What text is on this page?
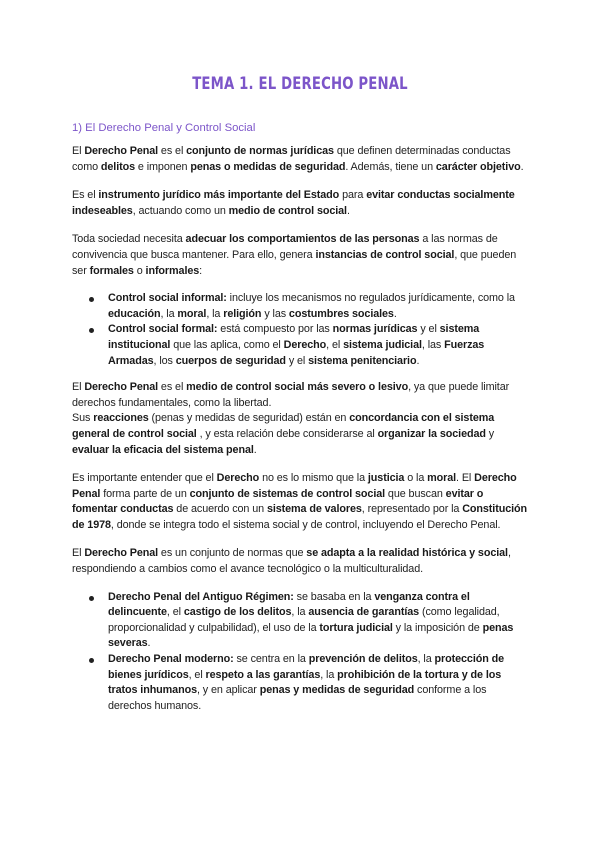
TEMA 1. EL DERECHO PENAL
1) El Derecho Penal y Control Social

El Derecho Penal es el conjunto de normas jurídicas que definen determinadas conductas como delitos e imponen penas o medidas de seguridad. Además, tiene un carácter objetivo.

Es el instrumento jurídico más importante del Estado para evitar conductas socialmente indeseables, actuando como un medio de control social.

Toda sociedad necesita adecuar los comportamientos de las personas a las normas de convivencia que busca mantener. Para ello, genera instancias de control social, que pueden ser formales o informales:

Control social informal: incluye los mecanismos no regulados jurídicamente, como la educación, la moral, la religión y las costumbres sociales.
Control social formal: está compuesto por las normas jurídicas y el sistema institucional que las aplica, como el Derecho, el sistema judicial, las Fuerzas Armadas, los cuerpos de seguridad y el sistema penitenciario.

El Derecho Penal es el medio de control social más severo o lesivo, ya que puede limitar derechos fundamentales, como la libertad.
Sus reacciones (penas y medidas de seguridad) están en concordancia con el sistema general de control social , y esta relación debe considerarse al organizar la sociedad y evaluar la eficacia del sistema penal.

Es importante entender que el Derecho no es lo mismo que la justicia o la moral. El Derecho Penal forma parte de un conjunto de sistemas de control social que buscan evitar o fomentar conductas de acuerdo con un sistema de valores, representado por la Constitución de 1978, donde se integra todo el sistema social y de control, incluyendo el Derecho Penal.

El Derecho Penal es un conjunto de normas que se adapta a la realidad histórica y social, respondiendo a cambios como el avance tecnológico o la multiculturalidad.

Derecho Penal del Antiguo Régimen: se basaba en la venganza contra el delincuente, el castigo de los delitos, la ausencia de garantías (como legalidad, proporcionalidad y culpabilidad), el uso de la tortura judicial y la imposición de penas severas.
Derecho Penal moderno: se centra en la prevención de delitos, la protección de bienes jurídicos, el respeto a las garantías, la prohibición de la tortura y de los tratos inhumanos, y en aplicar penas y medidas de seguridad conforme a los derechos humanos.
